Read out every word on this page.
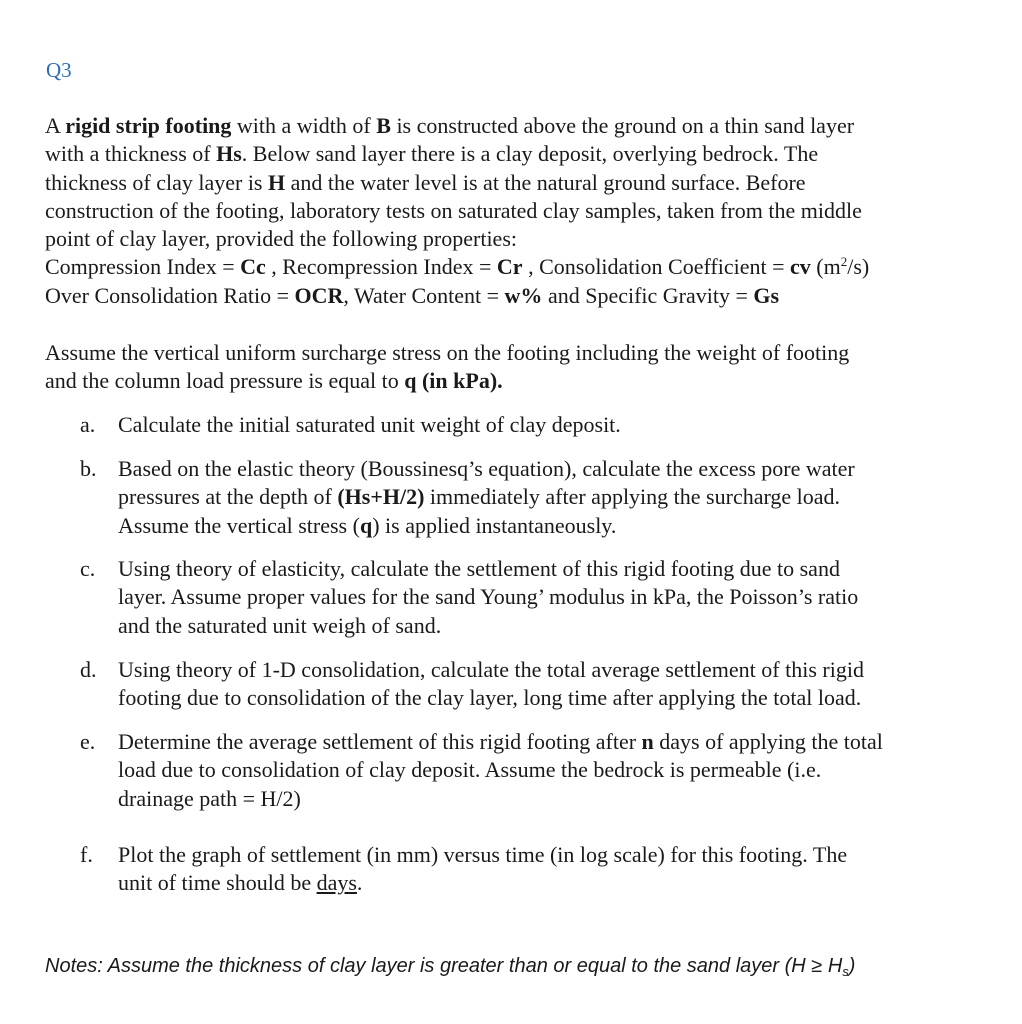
Q3
A rigid strip footing with a width of B is constructed above the ground on a thin sand layer
with a thickness of Hs. Below sand layer there is a clay deposit, overlying bedrock. The
thickness of clay layer is H and the water level is at the natural ground surface. Before
construction of the footing, laboratory tests on saturated clay samples, taken from the middle
point of clay layer, provided the following properties:
Compression Index = Cc , Recompression Index = Cr , Consolidation Coefficient = cv $(m^2/s)$
Over Consolidation Ratio = OCR, Water Content = w% and Specific Gravity = Gs
Assume the vertical uniform surcharge stress on the footing including the weight of footing
and the column load pressure is equal to q (in kPa).
a.	Calculate the initial saturated unit weight of clay deposit.
b. Based on the elastic theory (Boussinesq’s equation), calculate the excess pore water
pressures at the depth of (Hs+H/2) immediately after applying the surcharge load.
Assume the vertical stress (q) is applied instantaneously.
c.	Using theory of elasticity, calculate the settlement of this rigid footing due to sand
layer. Assume proper values for the sand Young’ modulus in kPa, the Poisson’s ratio
and the saturated unit weigh of sand.
d. Using theory of 1-D consolidation, calculate the total average settlement of this rigid
footing due to consolidation of the clay layer, long time after applying the total load.
e.	Determine the average settlement of this rigid footing after n days of applying the total
load due to consolidation of clay deposit. Assume the bedrock is permeable (i.e.
drainage path = H/2)
f.	Plot the graph of settlement (in mm) versus time (in log scale) for this footing. The
unit of time should be days.
Notes: Assume the thickness of clay layer is greater than or equal to the sand layer $(H \ge H_s)$
